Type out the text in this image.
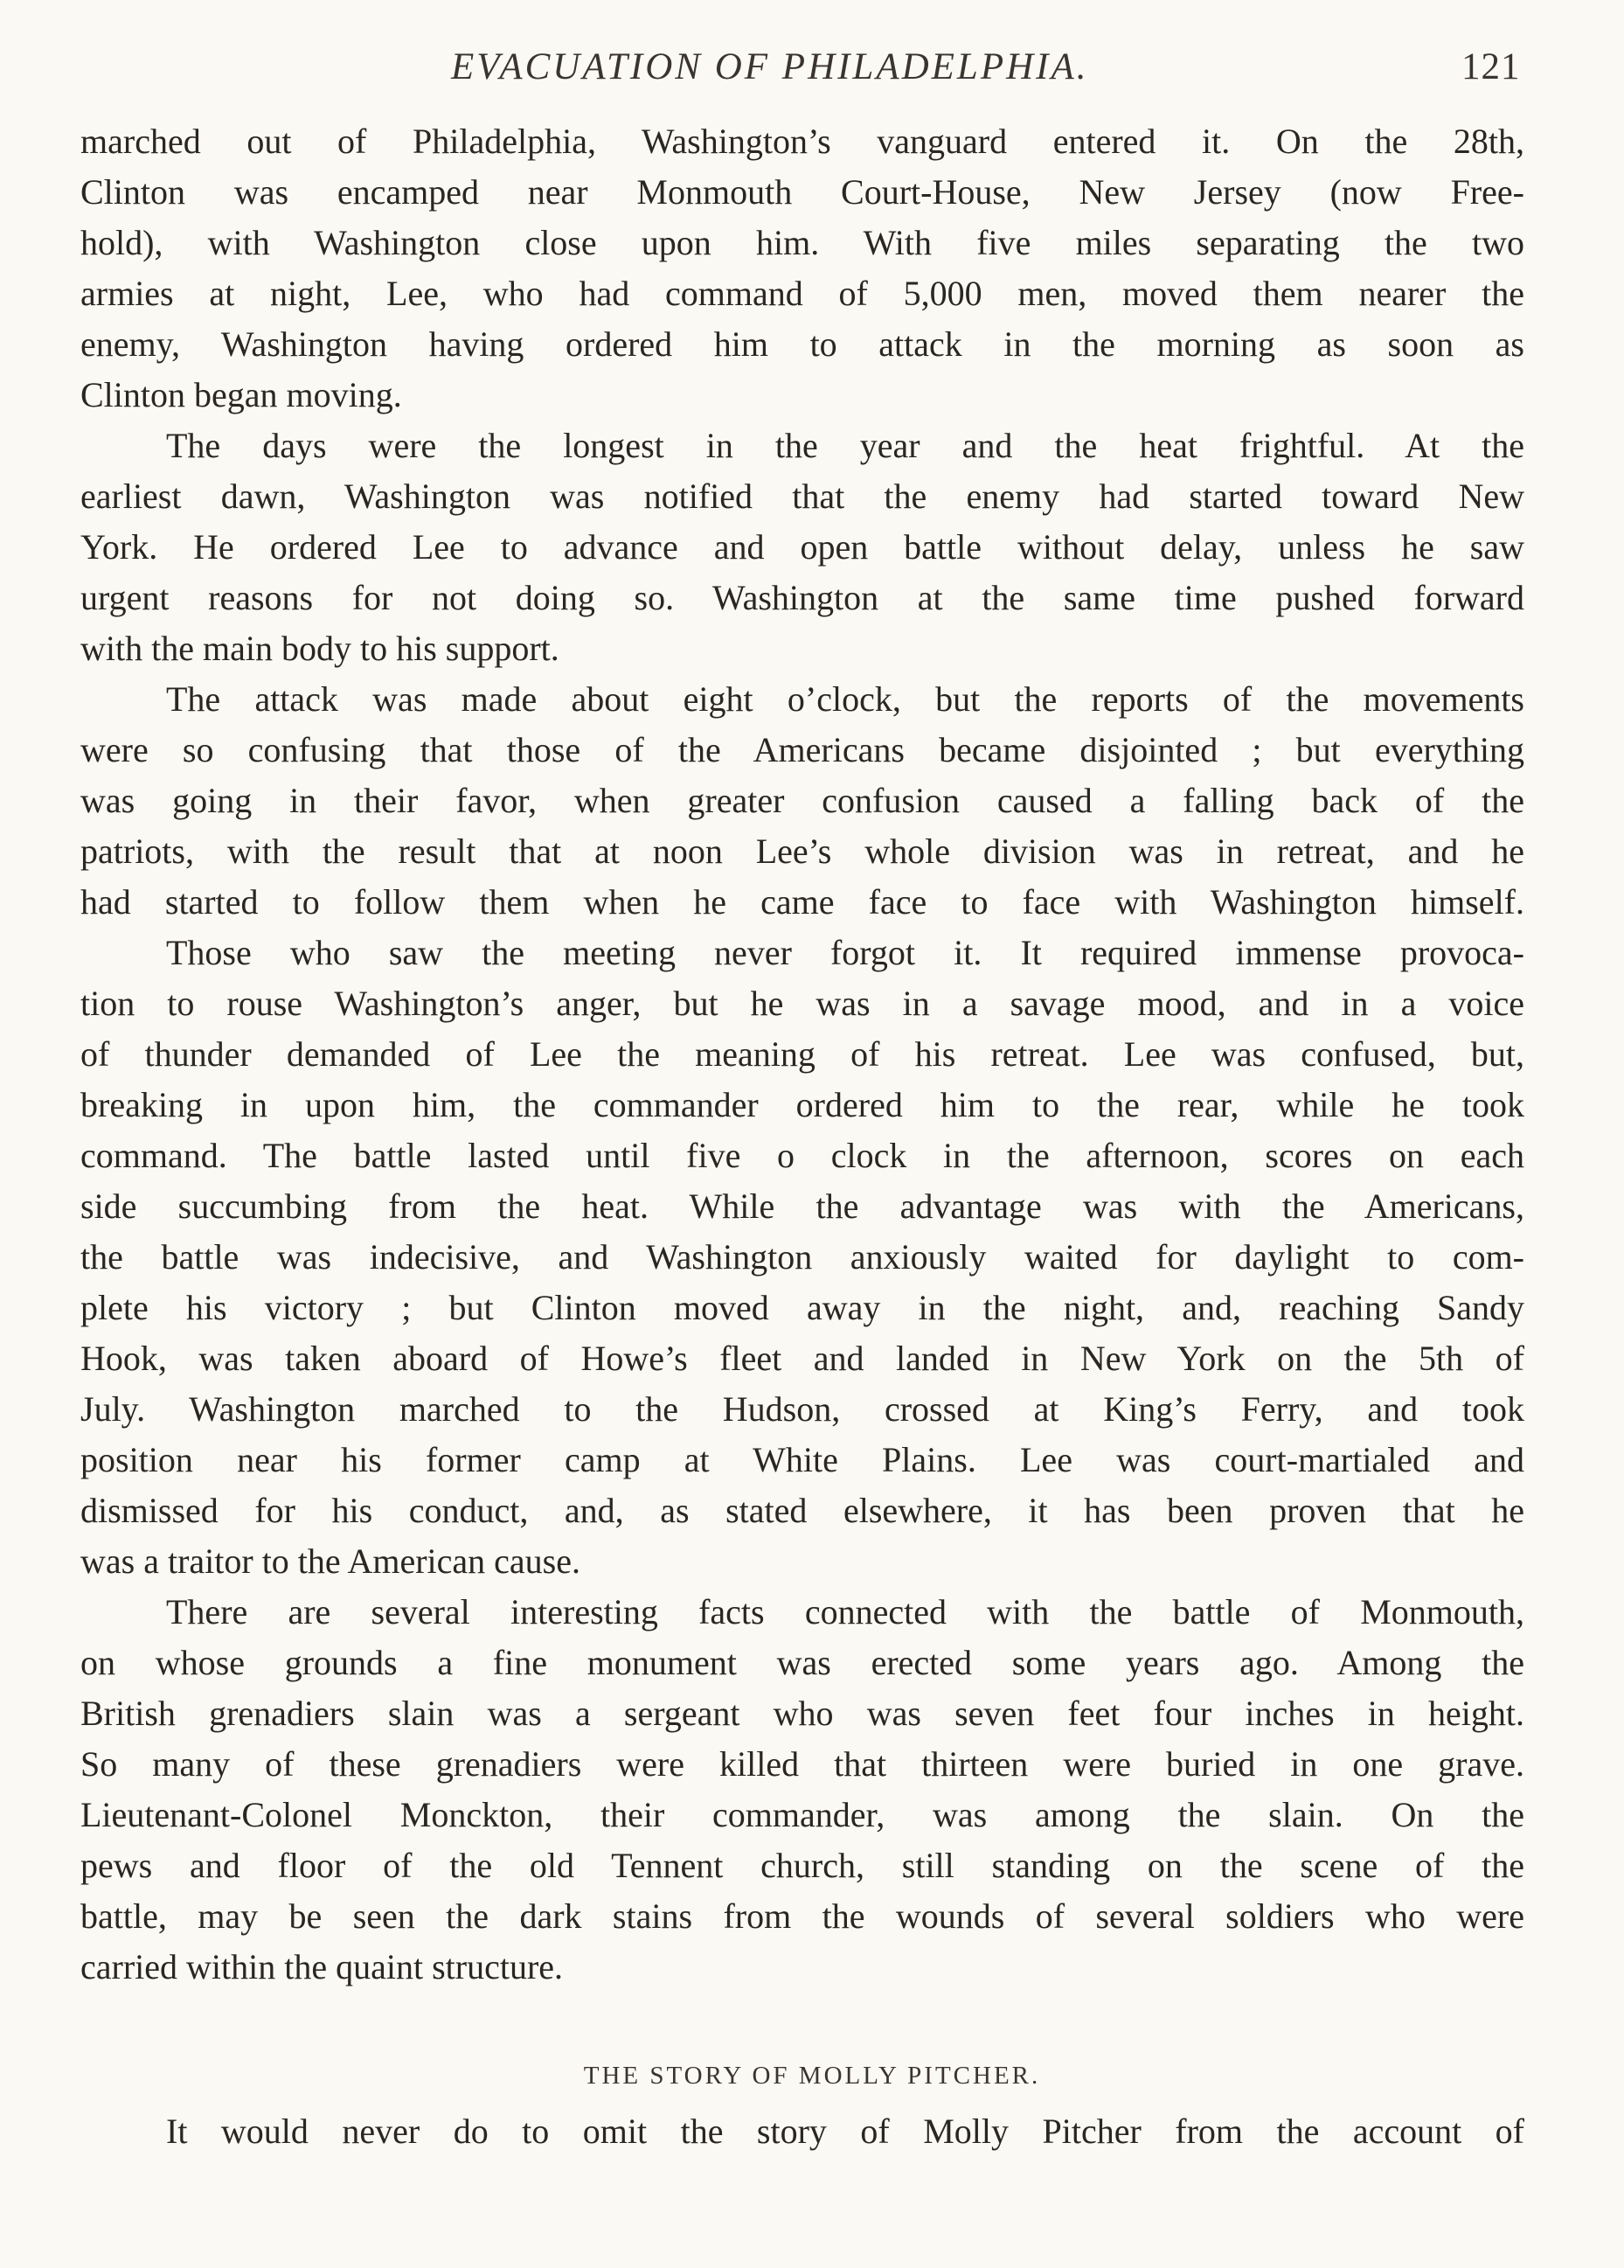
EVACUATION OF PHILADELPHIA.	121
marched out of Philadelphia, Washington’s vanguard entered it. On the 28th,
Clinton was encamped near Monmouth Court-House, New Jersey (now Free-
hold), with Washington close upon him. With five miles separating the two
armies at night, Lee, who had command of 5,000 men, moved them nearer the
enemy, Washington having ordered him to attack in the morning as soon as
Clinton began moving.
The days were the longest in the year and the heat frightful. At the
earliest dawn, Washington was notified that the enemy had started toward New
York. He ordered Lee to advance and open battle without delay, unless he saw
urgent reasons for not doing so. Washington at the same time pushed forward
with the main body to his support.
The attack was made about eight o’clock, but the reports of the movements
were so confusing that those of the Americans became disjointed ; but everything
was going in their favor, when greater confusion caused a falling back of the
patriots, with the result that at noon Lee’s whole division was in retreat, and he
had started to follow them when he came face to face with Washington himself.
Those who saw the meeting never forgot it. It required immense provoca-
tion to rouse Washington’s anger, but he was in a savage mood, and in a voice
of thunder demanded of Lee the meaning of his retreat. Lee was confused, but,
breaking in upon him, the commander ordered him to the rear, while he took
command. The battle lasted until five o clock in the afternoon, scores on each
side succumbing from the heat. While the advantage was with the Americans,
the battle was indecisive, and Washington anxiously waited for daylight to com-
plete his victory ; but Clinton moved away in the night, and, reaching Sandy
Hook, was taken aboard of Howe’s fleet and landed in New York on the 5th of
July. Washington marched to the Hudson, crossed at King’s Ferry, and took
position near his former camp at White Plains. Lee was court-martialed and
dismissed for his conduct, and, as stated elsewhere, it has been proven that he
was a traitor to the American cause.
There are several interesting facts connected with the battle of Monmouth,
on whose grounds a fine monument was erected some years ago. Among the
British grenadiers slain was a sergeant who was seven feet four inches in height.
So many of these grenadiers were killed that thirteen were buried in one grave.
Lieutenant-Colonel Monckton, their commander, was among the slain. On the
pews and floor of the old Tennent church, still standing on the scene of the
battle, may be seen the dark stains from the wounds of several soldiers who were
carried within the quaint structure.
THE STORY OF MOLLY PITCHER.
It would never do to omit the story of Molly Pitcher from the account of
